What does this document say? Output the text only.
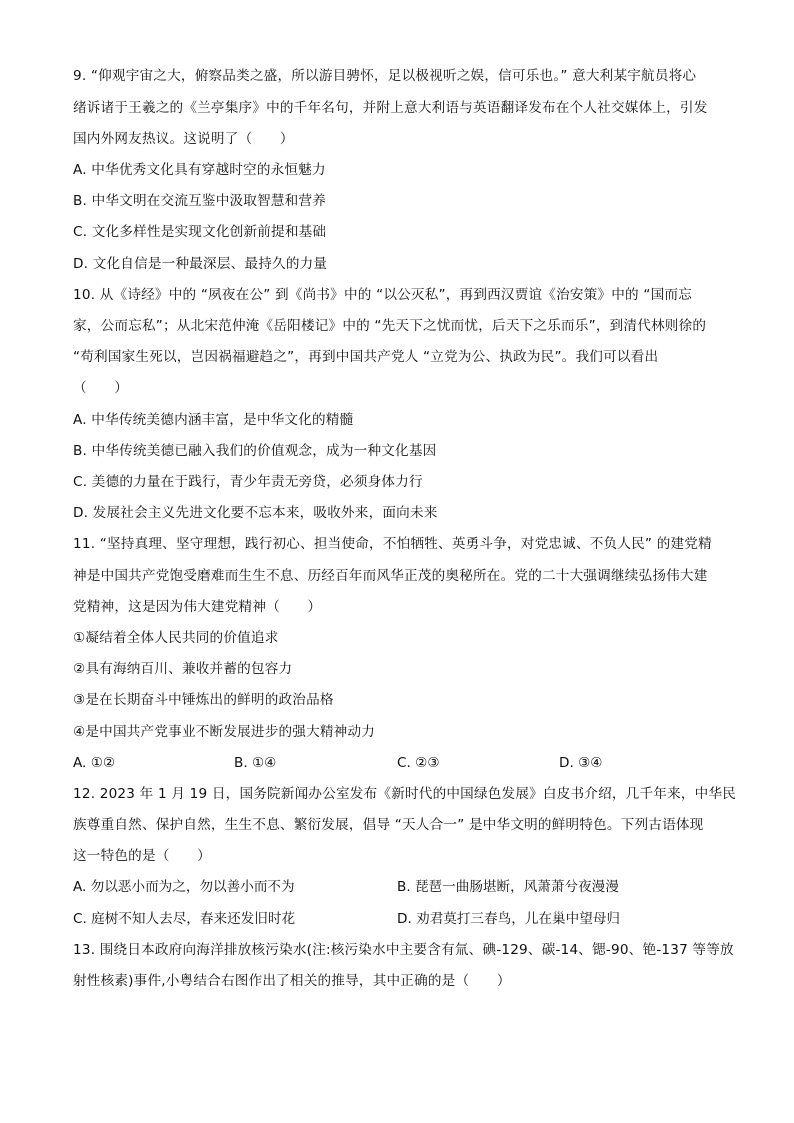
9. “仰观宇宙之大，俯察品类之盛，所以游目骋怀，足以极视听之娱，信可乐也。” 意大利某宇航员将心
绪诉诸于王羲之的《兰亭集序》中的千年名句，并附上意大利语与英语翻译发布在个人社交媒体上，引发
国内外网友热议。这说明了（　　）
A. 中华优秀文化具有穿越时空的永恒魅力
B. 中华文明在交流互鉴中汲取智慧和营养
C. 文化多样性是实现文化创新前提和基础
D. 文化自信是一种最深层、最持久的力量
10. 从《诗经》中的 “夙夜在公” 到《尚书》中的 “以公灭私”，再到西汉贾谊《治安策》中的 “国而忘
家，公而忘私”；从北宋范仲淹《岳阳楼记》中的 “先天下之忧而忧，后天下之乐而乐”，到清代林则徐的
“苟利国家生死以，岂因祸福避趋之”，再到中国共产党人 “立党为公、执政为民”。我们可以看出
（　　）
A. 中华传统美德内涵丰富，是中华文化的精髓
B. 中华传统美德已融入我们的价值观念，成为一种文化基因
C. 美德的力量在于践行，青少年责无旁贷，必须身体力行
D. 发展社会主义先进文化要不忘本来，吸收外来，面向未来
11. “坚持真理、坚守理想，践行初心、担当使命，不怕牺牲、英勇斗争，对党忠诚、不负人民” 的建党精
神是中国共产党饱受磨难而生生不息、历经百年而风华正茂的奥秘所在。党的二十大强调继续弘扬伟大建
党精神，这是因为伟大建党精神（　　）
①凝结着全体人民共同的价值追求
②具有海纳百川、兼收并蓄的包容力
③是在长期奋斗中锤炼出的鲜明的政治品格
④是中国共产党事业不断发展进步的强大精神动力
A. ①②	B. ①④	C. ②③	D. ③④
12. 2023 年 1 月 19 日，国务院新闻办公室发布《新时代的中国绿色发展》白皮书介绍，几千年来，中华民
族尊重自然、保护自然，生生不息、繁衍发展，倡导 “天人合一” 是中华文明的鲜明特色。下列古语体现
这一特色的是（　　）
A. 勿以恶小而为之，勿以善小而不为	B. 琵琶一曲肠堪断，风萧萧兮夜漫漫
C. 庭树不知人去尽，春来还发旧时花	D. 劝君莫打三春鸟，儿在巢中望母归
13. 围绕日本政府向海洋排放核污染水(注:核污染水中主要含有氚、碘-129、碳-14、锶-90、铯-137 等等放
射性核素)事件,小粤结合右图作出了相关的推导，其中正确的是（　　）
